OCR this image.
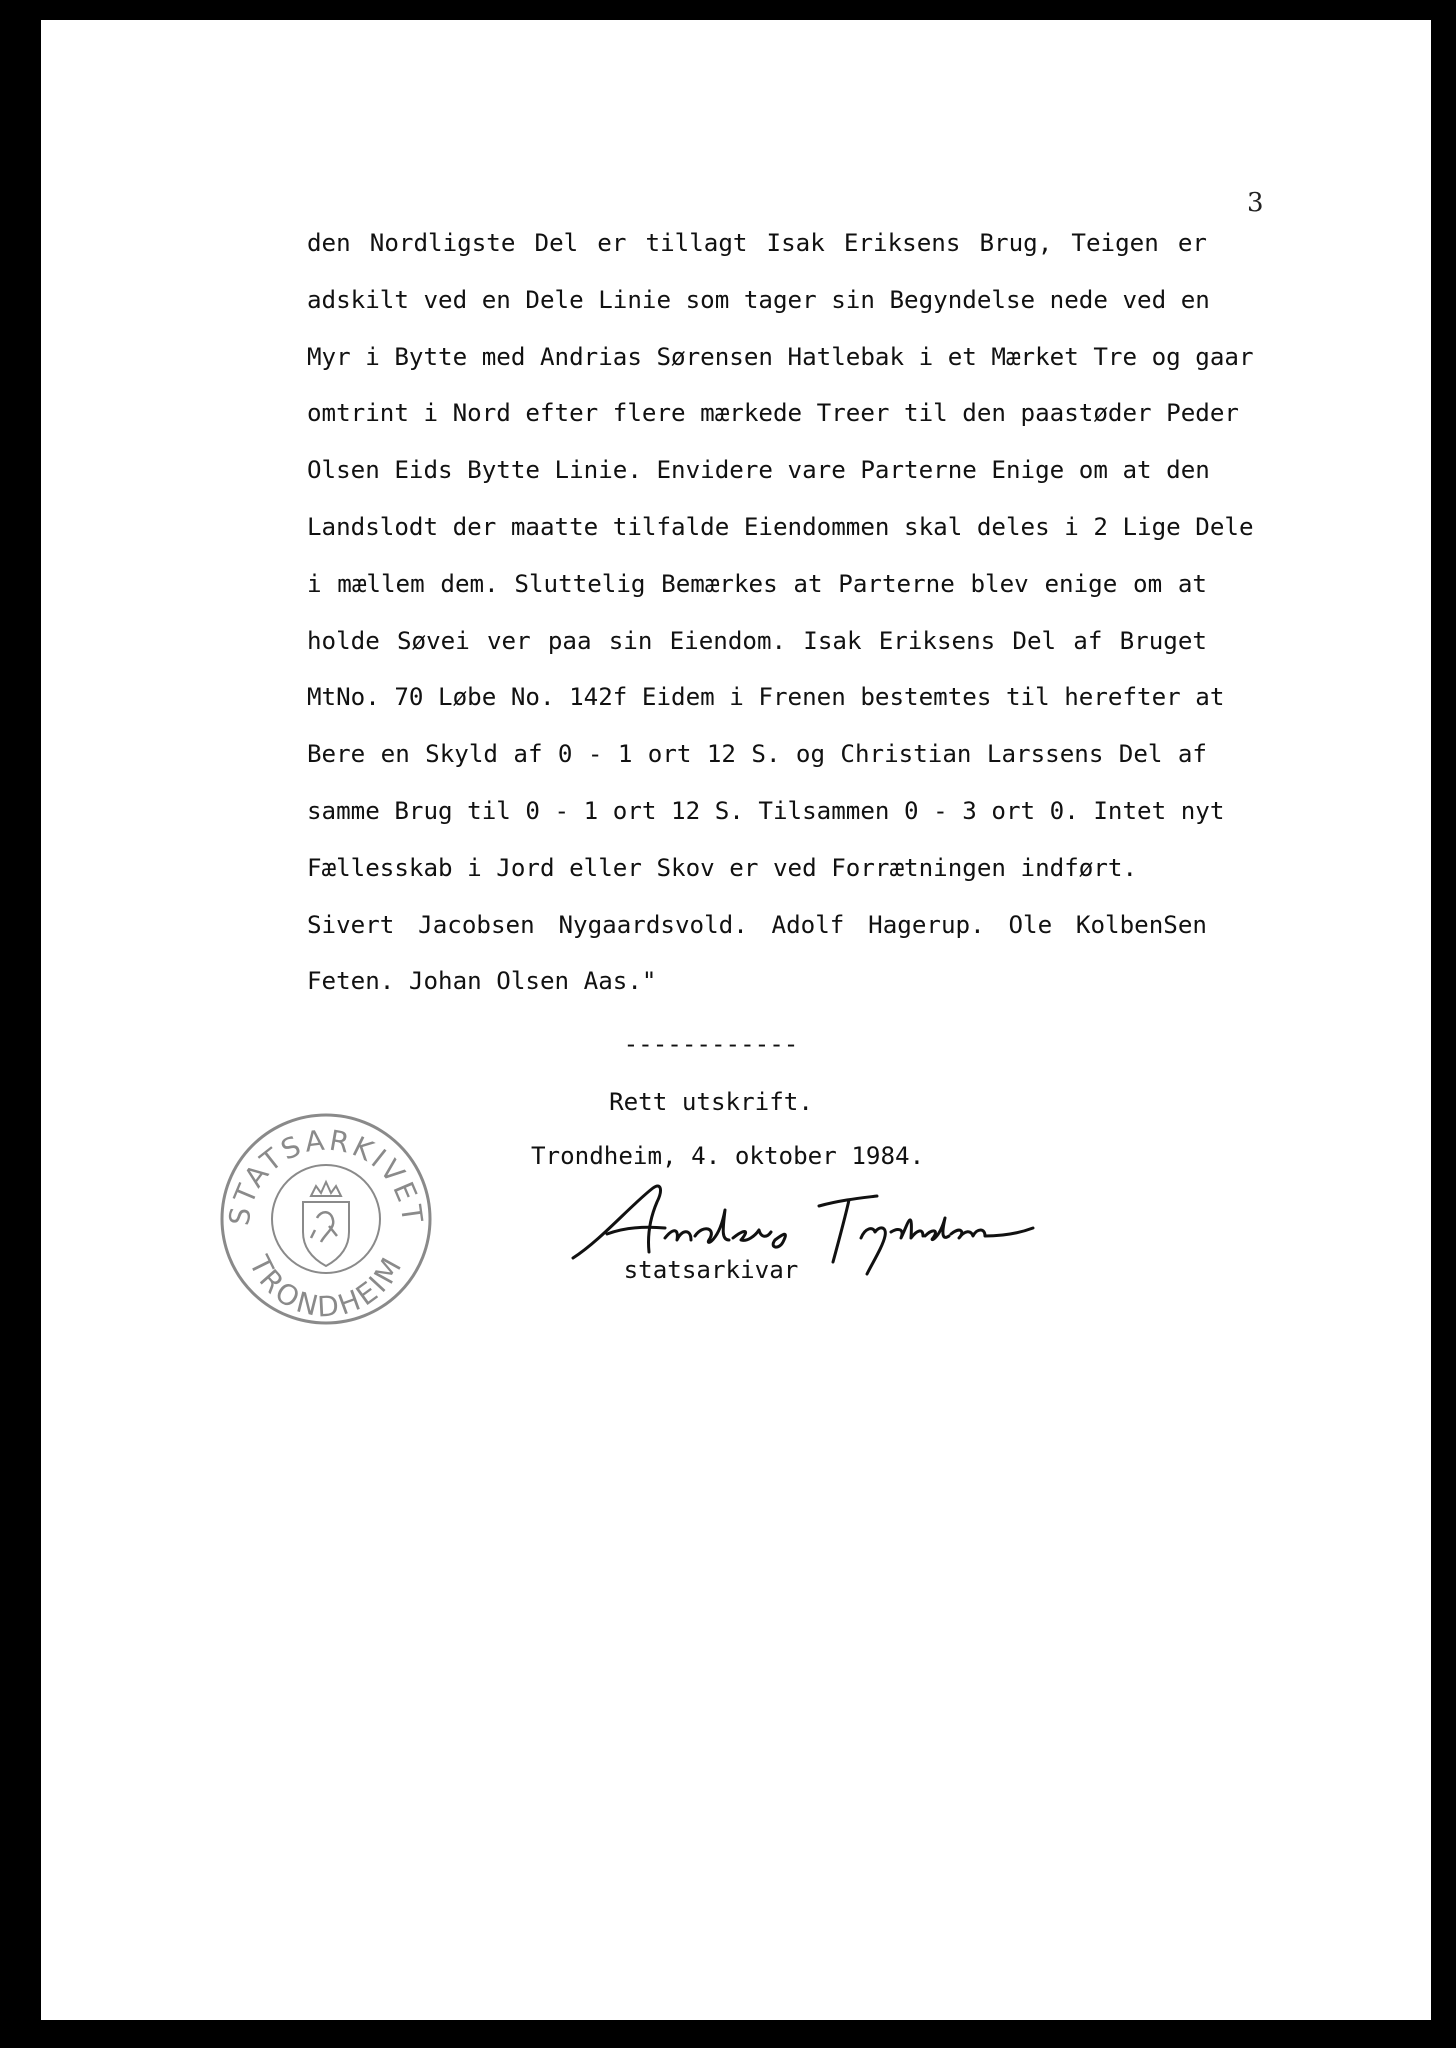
3
den Nordligste Del er tillagt Isak Eriksens Brug, Teigen er
adskilt ved en Dele Linie som tager sin Begyndelse nede ved en
Myr i Bytte med Andrias Sørensen Hatlebak i et Mærket Tre og gaar
omtrint i Nord efter flere mærkede Treer til den paastøder Peder
Olsen Eids Bytte Linie. Envidere vare Parterne Enige om at den
Landslodt der maatte tilfalde Eiendommen skal deles i 2 Lige Dele
i mællem dem. Sluttelig Bemærkes at Parterne blev enige om at
holde Søvei ver paa sin Eiendom. Isak Eriksens Del af Bruget
MtNo. 70 Løbe No. 142f Eidem i Frenen bestemtes til herefter at
Bere en Skyld af 0 - 1 ort 12 S. og Christian Larssens Del af
samme Brug til 0 - 1 ort 12 S. Tilsammen 0 - 3 ort 0. Intet nyt
Fællesskab i Jord eller Skov er ved Forrætningen indført.
Sivert Jacobsen Nygaardsvold. Adolf Hagerup. Ole KolbenSen
Feten. Johan Olsen Aas."
------------
Rett utskrift.
Trondheim, 4. oktober 1984.
statsarkivar
STATSARKIVET
TRONDHEIM
